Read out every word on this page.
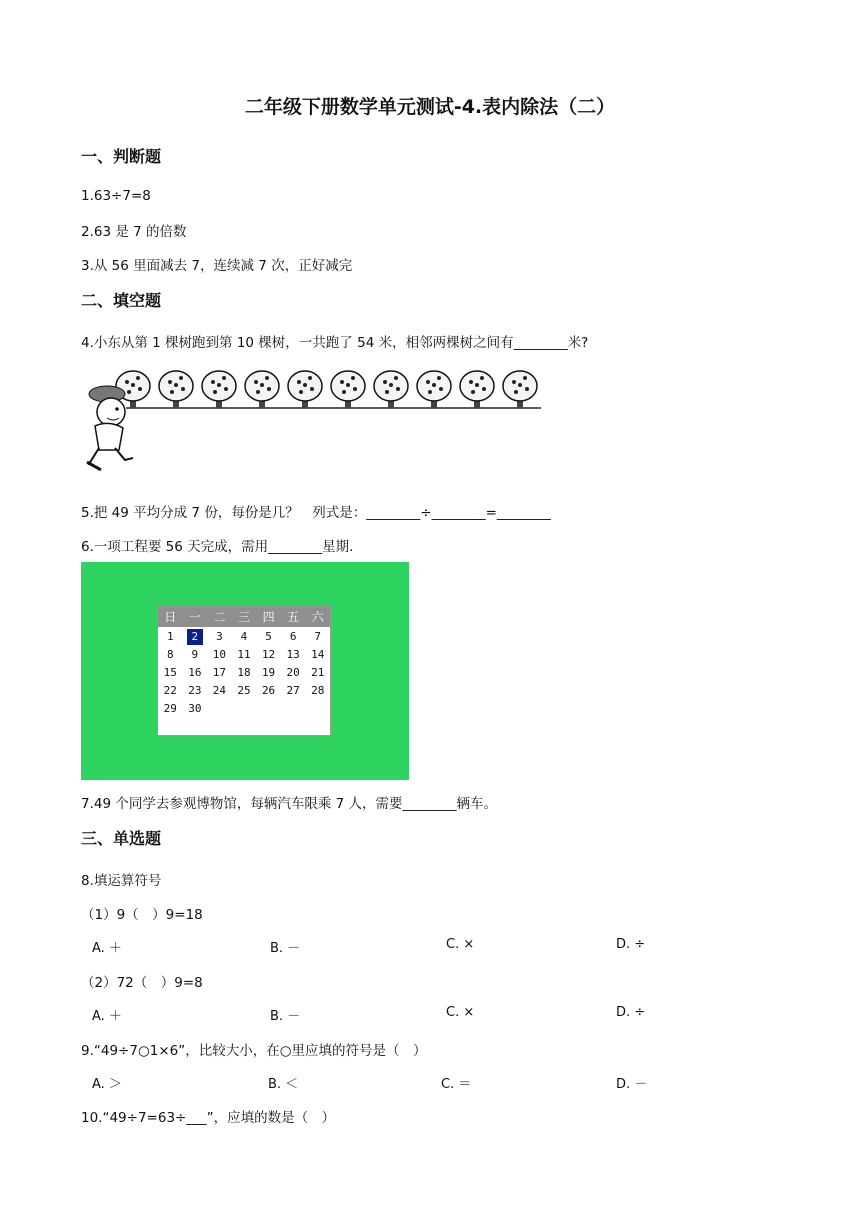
二年级下册数学单元测试-4.表内除法（二）
一、判断题
1.63÷7=8
2.63 是 7 的倍数
3.从 56 里面减去 7，连续减 7 次，正好减完
二、填空题
4.小东从第 1 棵树跑到第 10 棵树，一共跑了 54 米，相邻两棵树之间有________米?
5.把 49 平均分成 7 份，每份是几？　列式是：________÷________=________
6.一项工程要 56 天完成，需用________星期.
日	一	二	三	四	五	六
1	2	3	4	5	6	7
8	9	10	11	12	13	14
15	16	17	18	19	20	21
22	23	24	25	26	27	28
29	30
7.49 个同学去参观博物馆，每辆汽车限乘 7 人，需要________辆车。
三、单选题
8.填运算符号
（1）9（　）9=18
A. ＋	B. －	C. ×	D. ÷
（2）72（　）9=8
A. ＋	B. －	C. ×	D. ÷
9.“49÷7○1×6”，比较大小，在○里应填的符号是（　）
A. ＞	B. ＜	C. ＝	D. －
10.“49÷7=63÷___”，应填的数是（　）
